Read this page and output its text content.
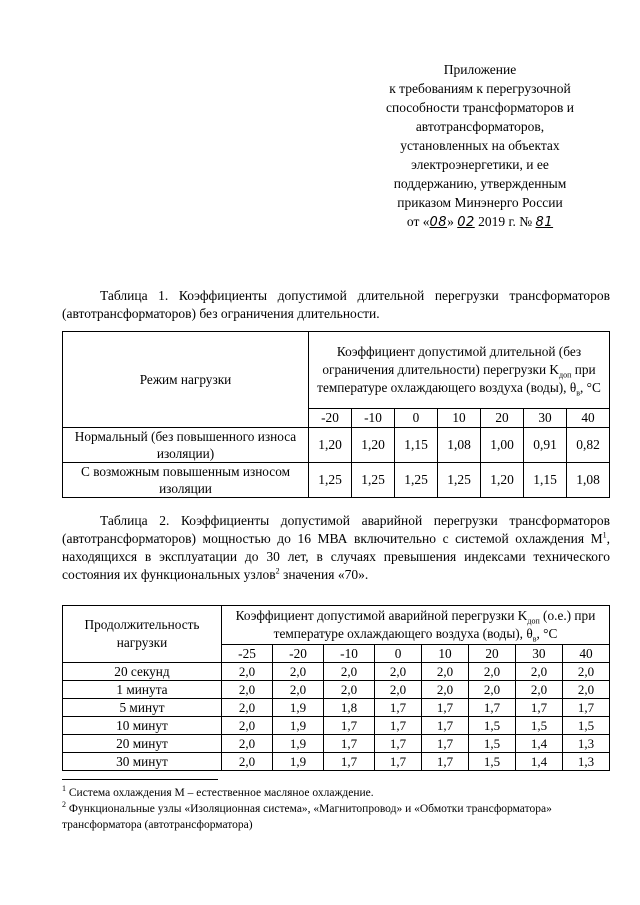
Приложение
к требованиям к перегрузочной
способности трансформаторов и
автотрансформаторов,
установленных на объектах
электроэнергетики, и ее
поддержанию, утвержденным
приказом Минэнерго России
от «08» 02 2019 г. № 81
Таблица 1. Коэффициенты допустимой длительной перегрузки трансформаторов (автотрансформаторов) без ограничения длительности.
Режим нагрузки	Коэффициент допустимой длительной (без ограничения длительности) перегрузки $K_{доп}$ при температуре охлаждающего воздуха (воды), $\theta_в$, °C						
	-20	-10	0	10	20	30	40
Нормальный (без повышенного износа изоляции)	1,20	1,20	1,15	1,08	1,00	0,91	0,82
С возможным повышенным износом изоляции	1,25	1,25	1,25	1,25	1,20	1,15	1,08
Таблица 2. Коэффициенты допустимой аварийной перегрузки трансформаторов (автотрансформаторов) мощностью до 16 МВА включительно с системой охлаждения $М^1$, находящихся в эксплуатации до 30 лет, в случаях превышения индексами технического состояния их функциональных узлов$^2$ значения «70».
Продолжительность нагрузки	Коэффициент допустимой аварийной перегрузки $K_{доп}$ (о.е.) при температуре охлаждающего воздуха (воды), $\theta_в$, °C							
	-25	-20	-10	0	10	20	30	40
20 секунд	2,0	2,0	2,0	2,0	2,0	2,0	2,0	2,0
1 минута	2,0	2,0	2,0	2,0	2,0	2,0	2,0	2,0
5 минут	2,0	1,9	1,8	1,7	1,7	1,7	1,7	1,7
10 минут	2,0	1,9	1,7	1,7	1,7	1,5	1,5	1,5
20 минут	2,0	1,9	1,7	1,7	1,7	1,5	1,4	1,3
30 минут	2,0	1,9	1,7	1,7	1,7	1,5	1,4	1,3
$^1$ Система охлаждения М – естественное масляное охлаждение.
$^2$ Функциональные узлы «Изоляционная система», «Магнитопровод» и «Обмотки трансформатора» трансформатора (автотрансформатора)
